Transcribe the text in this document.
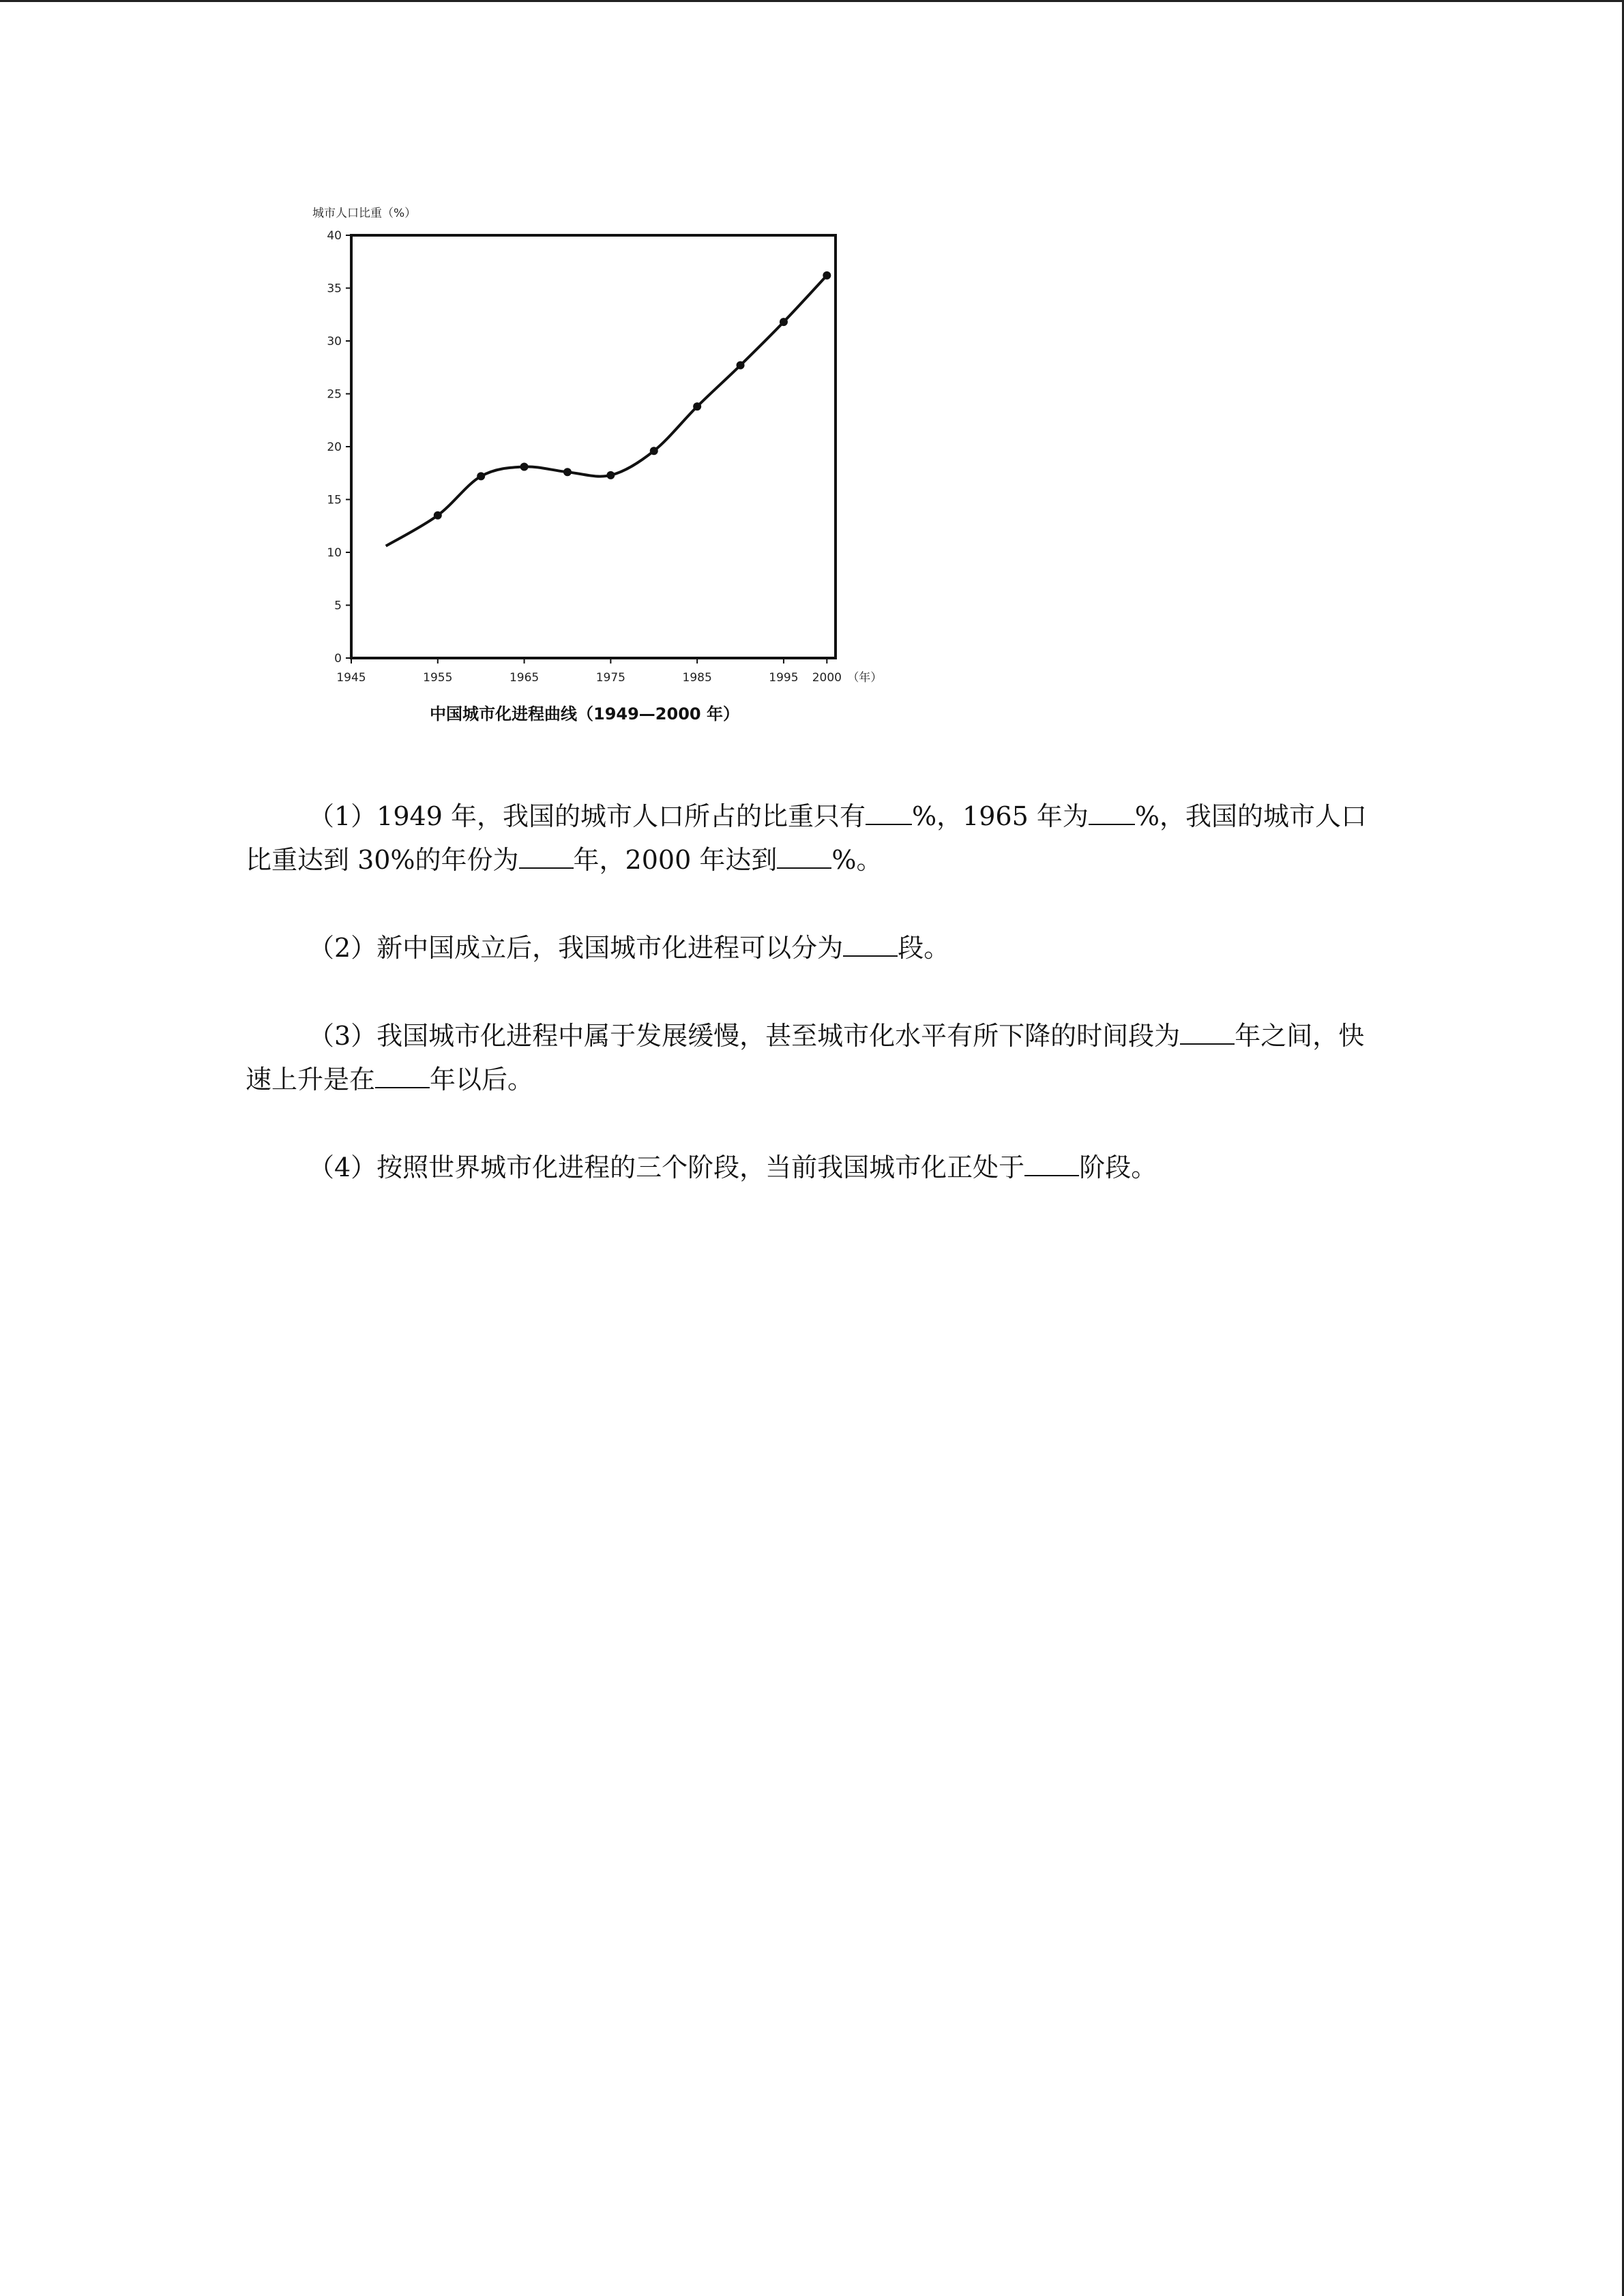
城市人口比重（%）
40
35
30
25
20
15
10
5
0
1945	1955	1965	1975	1985	1995 2000 （年）
中国城市化进程曲线（1949—2000 年）

（1）1949 年，我国的城市人口所占的比重只有 %，1965 年为 %，我国的城市人口比重达到 30%的年份为 年，2000 年达到 %。

（2）新中国成立后，我国城市化进程可以分为 段。

（3）我国城市化进程中属于发展缓慢，甚至城市化水平有所下降的时间段为 年之间，快速上升是在 年以后。

（4）按照世界城市化进程的三个阶段，当前我国城市化正处于 阶段。
